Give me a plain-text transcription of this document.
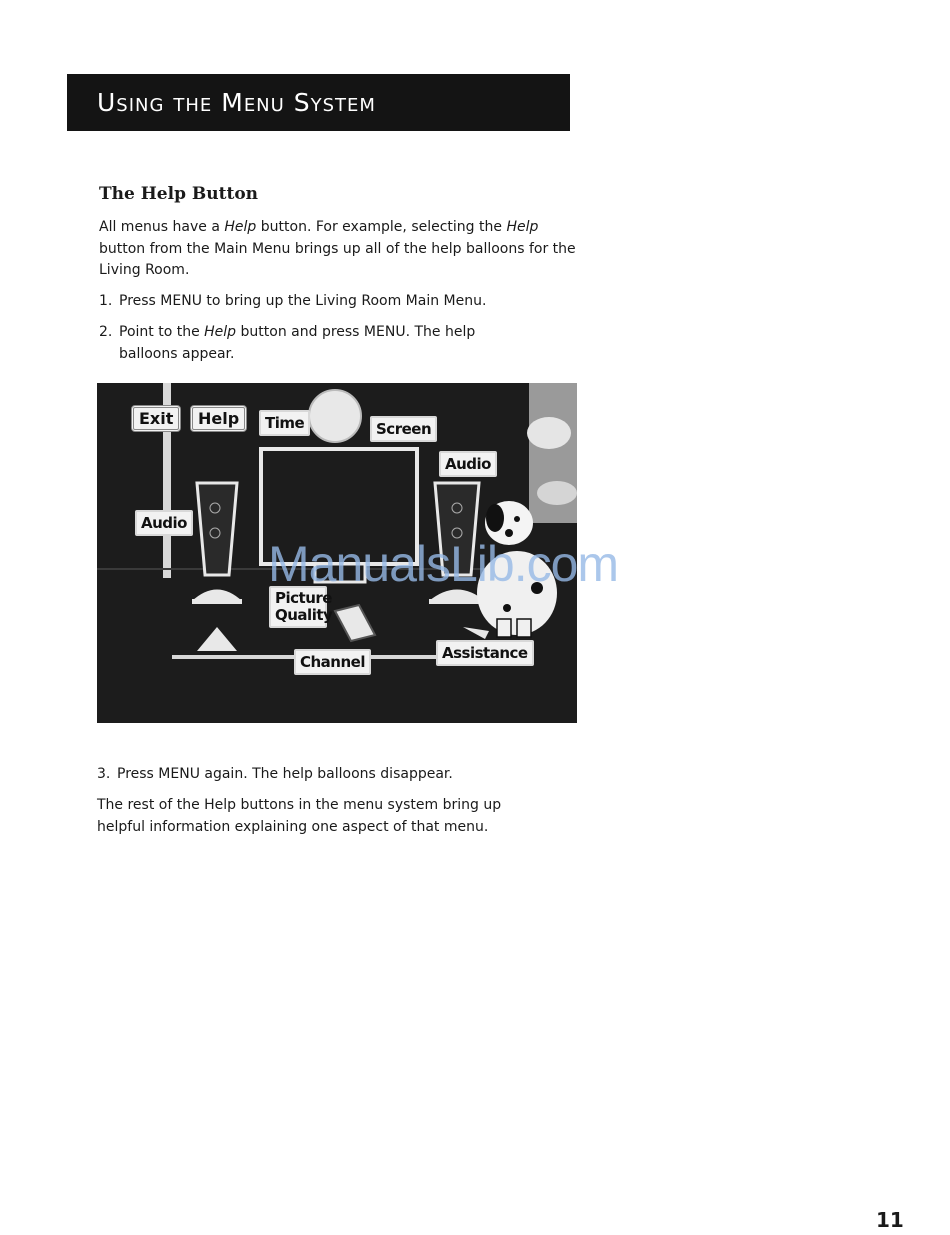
Using the Menu System
The Help Button

All menus have a Help button. For example, selecting the Help button from the Main Menu brings up all of the help balloons for the Living Room.

1. Press MENU to bring up the Living Room Main Menu.
2. Point to the Help button and press MENU. The help balloons appear.
Exit	Help	Time	Screen
Audio
Audio
Picture Quality
Channel	Assistance
ManualsLib.com
3. Press MENU again. The help balloons disappear.

The rest of the Help buttons in the menu system bring up helpful information explaining one aspect of that menu.

11
